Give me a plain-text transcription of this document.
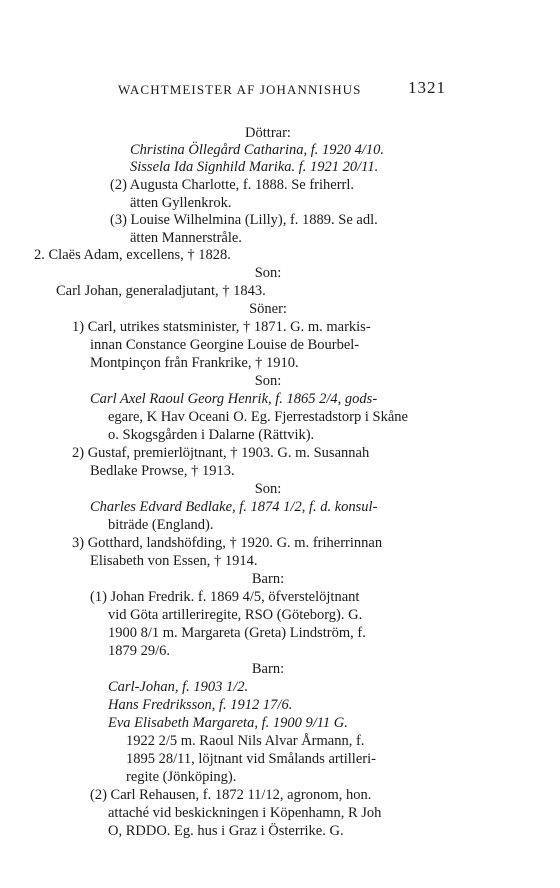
WACHTMEISTER AF JOHANNISHUS	1321
Döttrar:
Christina Öllegård Catharina, f. 1920 4/10.
Sissela Ida Signhild Marika. f. 1921 20/11.
(2) Augusta Charlotte, f. 1888. Se friherrl.
ätten Gyllenkrok.
(3) Louise Wilhelmina (Lilly), f. 1889. Se adl.
ätten Mannerstråle.
2. Claës Adam, excellens, † 1828.
Son:
Carl Johan, generaladjutant, † 1843.
Söner:
1) Carl, utrikes statsminister, † 1871. G. m. markis-
innan Constance Georgine Louise de Bourbel-
Montpinçon från Frankrike, † 1910.
Son:
Carl Axel Raoul Georg Henrik, f. 1865 2/4, gods-
egare, K Hav Oceani O. Eg. Fjerrestadstorp i Skåne
o. Skogsgården i Dalarne (Rättvik).
2) Gustaf, premierlöjtnant, † 1903. G. m. Susannah
Bedlake Prowse, † 1913.
Son:
Charles Edvard Bedlake, f. 1874 1/2, f. d. konsul-
biträde (England).
3) Gotthard, landshöfding, † 1920. G. m. friherrinnan
Elisabeth von Essen, † 1914.
Barn:
(1) Johan Fredrik. f. 1869 4/5, öfverstelöjtnant
vid Göta artilleriregite, RSO (Göteborg). G.
1900 8/1 m. Margareta (Greta) Lindström, f.
1879 29/6.
Barn:
Carl-Johan, f. 1903 1/2.
Hans Fredriksson, f. 1912 17/6.
Eva Elisabeth Margareta, f. 1900 9/11 G.
1922 2/5 m. Raoul Nils Alvar Årmann, f.
1895 28/11, löjtnant vid Smålands artilleri-
regite (Jönköping).
(2) Carl Rehausen, f. 1872 11/12, agronom, hon.
attaché vid beskickningen i Köpenhamn, R Joh
O, RDDO. Eg. hus i Graz i Österrike. G.
